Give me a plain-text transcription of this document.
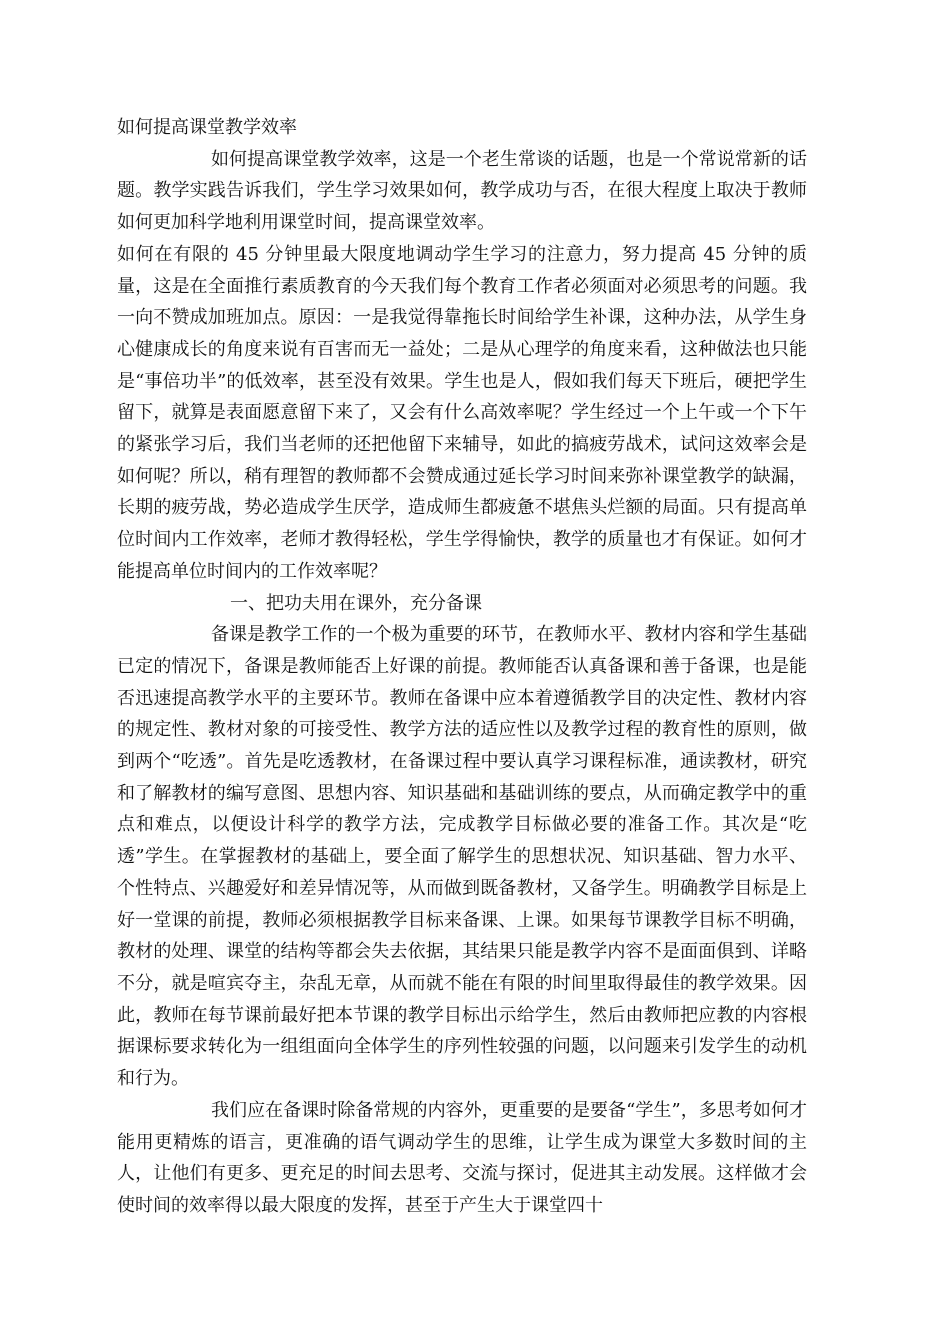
如何提高课堂教学效率

如何提高课堂教学效率，这是一个老生常谈的话题，也是一个常说常新的话题。教学实践告诉我们，学生学习效果如何，教学成功与否，在很大程度上取决于教师如何更加科学地利用课堂时间，提高课堂效率。

如何在有限的 45 分钟里最大限度地调动学生学习的注意力，努力提高 45 分钟的质量，这是在全面推行素质教育的今天我们每个教育工作者必须面对必须思考的问题。我一向不赞成加班加点。原因：一是我觉得靠拖长时间给学生补课，这种办法，从学生身心健康成长的角度来说有百害而无一益处；二是从心理学的角度来看，这种做法也只能是“事倍功半”的低效率，甚至没有效果。学生也是人，假如我们每天下班后，硬把学生留下，就算是表面愿意留下来了，又会有什么高效率呢？学生经过一个上午或一个下午的紧张学习后，我们当老师的还把他留下来辅导，如此的搞疲劳战术，试问这效率会是如何呢？所以，稍有理智的教师都不会赞成通过延长学习时间来弥补课堂教学的缺漏，长期的疲劳战，势必造成学生厌学，造成师生都疲惫不堪焦头烂额的局面。只有提高单位时间内工作效率，老师才教得轻松，学生学得愉快，教学的质量也才有保证。如何才能提高单位时间内的工作效率呢？

一、把功夫用在课外，充分备课

备课是教学工作的一个极为重要的环节，在教师水平、教材内容和学生基础已定的情况下，备课是教师能否上好课的前提。教师能否认真备课和善于备课，也是能否迅速提高教学水平的主要环节。教师在备课中应本着遵循教学目的决定性、教材内容的规定性、教材对象的可接受性、教学方法的适应性以及教学过程的教育性的原则，做到两个“吃透”。首先是吃透教材，在备课过程中要认真学习课程标准，通读教材，研究和了解教材的编写意图、思想内容、知识基础和基础训练的要点，从而确定教学中的重点和难点，以便设计科学的教学方法，完成教学目标做必要的准备工作。其次是“吃透”学生。在掌握教材的基础上，要全面了解学生的思想状况、知识基础、智力水平、个性特点、兴趣爱好和差异情况等，从而做到既备教材，又备学生。明确教学目标是上好一堂课的前提，教师必须根据教学目标来备课、上课。如果每节课教学目标不明确，教材的处理、课堂的结构等都会失去依据，其结果只能是教学内容不是面面俱到、详略不分，就是喧宾夺主，杂乱无章，从而就不能在有限的时间里取得最佳的教学效果。因此，教师在每节课前最好把本节课的教学目标出示给学生，然后由教师把应教的内容根据课标要求转化为一组组面向全体学生的序列性较强的问题，以问题来引发学生的动机和行为。

我们应在备课时除备常规的内容外，更重要的是要备“学生”，多思考如何才能用更精炼的语言，更准确的语气调动学生的思维，让学生成为课堂大多数时间的主人，让他们有更多、更充足的时间去思考、交流与探讨，促进其主动发展。这样做才会使时间的效率得以最大限度的发挥，甚至于产生大于课堂四十
